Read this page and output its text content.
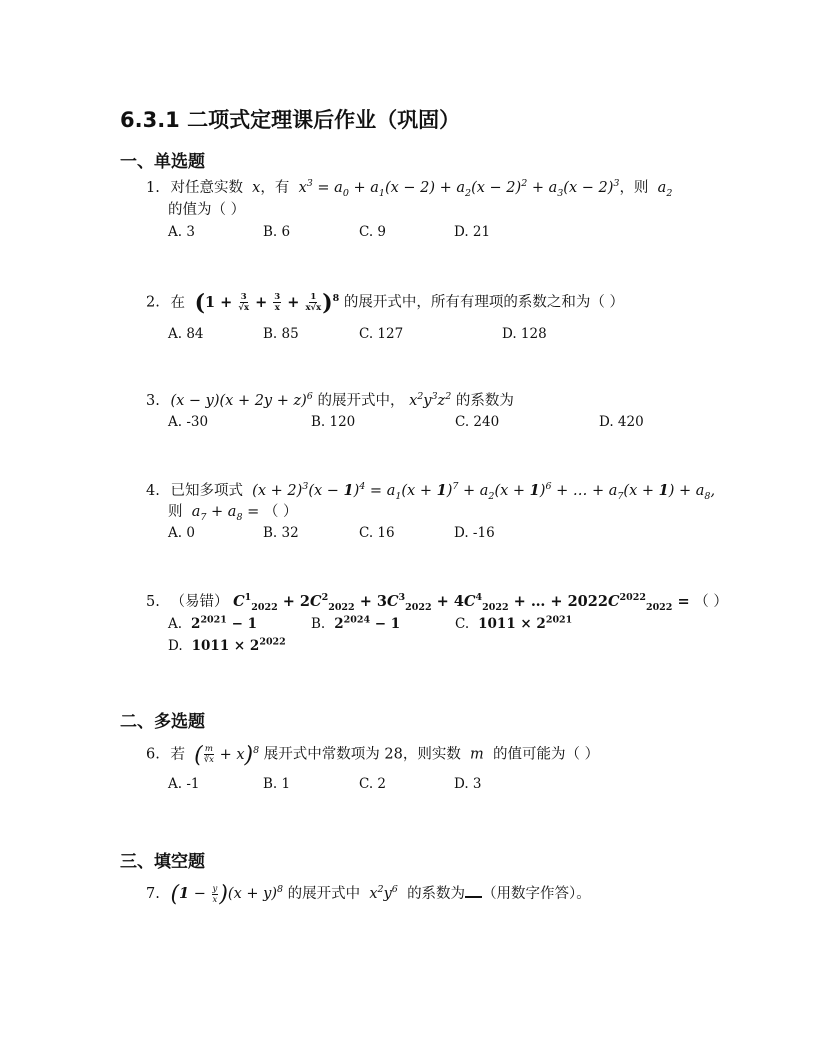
6.3.1 二项式定理课后作业（巩固）
一、单选题
1. 对任意实数  x，有  $x^3 = a_0 + a_1(x - 2) + a_2(x - 2)^2 + a_3(x - 2)^3$，则  $a_2$
的值为（ ）
A. 3	B. 6	C. 9	D. 21
2. 在 $(1 + \frac{3}{√x} + \frac{3}{x} + \frac{1}{x√x} )^8$ 的展开式中，所有有理项的系数之和为（ ）
A. 84	B. 85	C. 127	D. 128
3. $(x - y)(x + 2y + z)^6$ 的展开式中， $x^2y^3z^2$ 的系数为
A. -30	B. 120	C. 240	D. 420
4. 已知多项式  $(x + 2)^3(x - 1)^4 = a_1(x + 1)^7 + a_2(x + 1)^6$ + … + $a_7(x + 1) + a_8$,
则  $a_7 + a_8$ = （ ）
A. 0	B. 32	C. 16	D. -16
5. （易错） $C^1_{2022} + 2C^2_{2022} + 3C^3_{2022} + 4C^4_{2022}$ + … + $2022C^{2022}_{2022}$ = （ ）
A.  $2^{2021} - 1$	B.  $2^{2024} - 1$	C.  $1011 \times 2^{2021}$
D.  $1011 \times 2^{2022}$
二、多选题
6. 若 ( $\frac{m}{∛x} + x)^8$ 展开式中常数项为 28，则实数  m  的值可能为（ ）
A. -1	B. 1	C. 2	D. 3
三、填空题
7. $(1 - \frac{y}{x} )(x + y)^8$ 的展开式中  $x^2y^6$ 的系数为 （用数字作答）。
